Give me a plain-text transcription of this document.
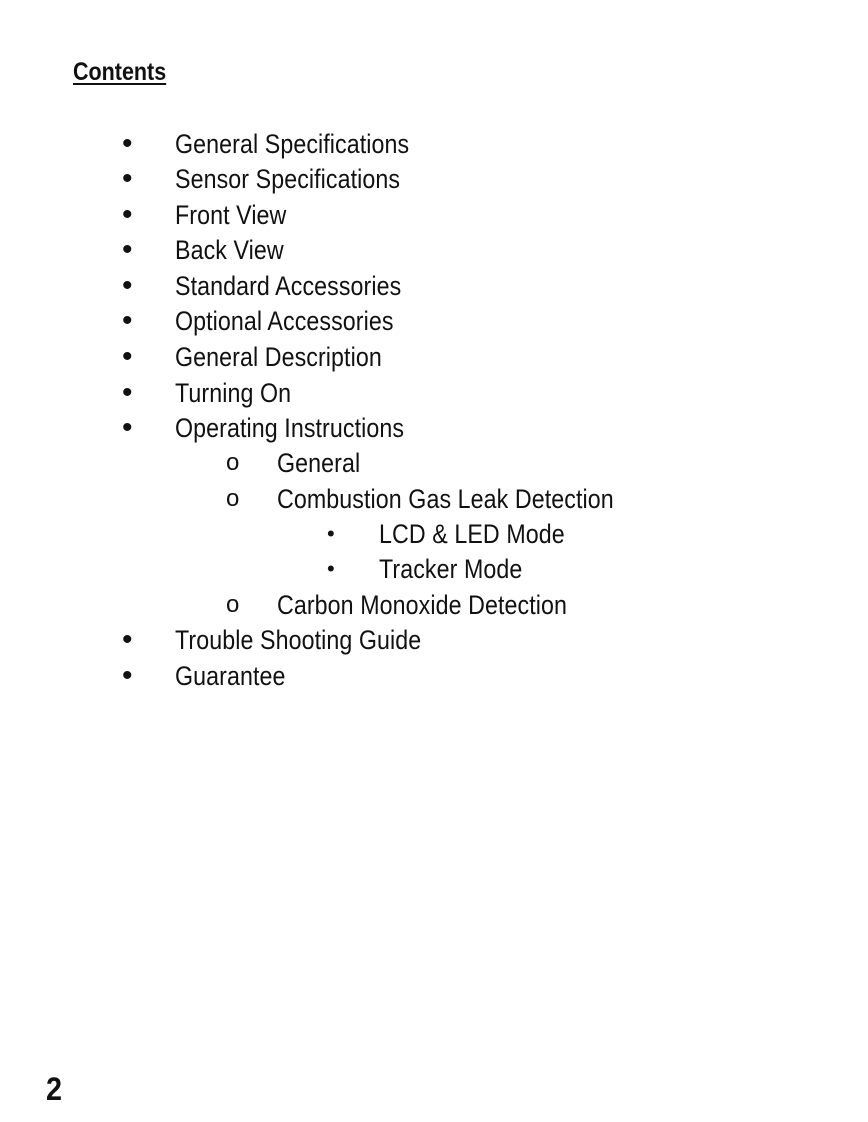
Contents
• General Specifications
• Sensor Specifications
• Front View
• Back View
• Standard Accessories
• Optional Accessories
• General Description
• Turning On
• Operating Instructions
o General
o Combustion Gas Leak Detection
• LCD & LED Mode
• Tracker Mode
o Carbon Monoxide Detection
• Trouble Shooting Guide
• Guarantee
2
